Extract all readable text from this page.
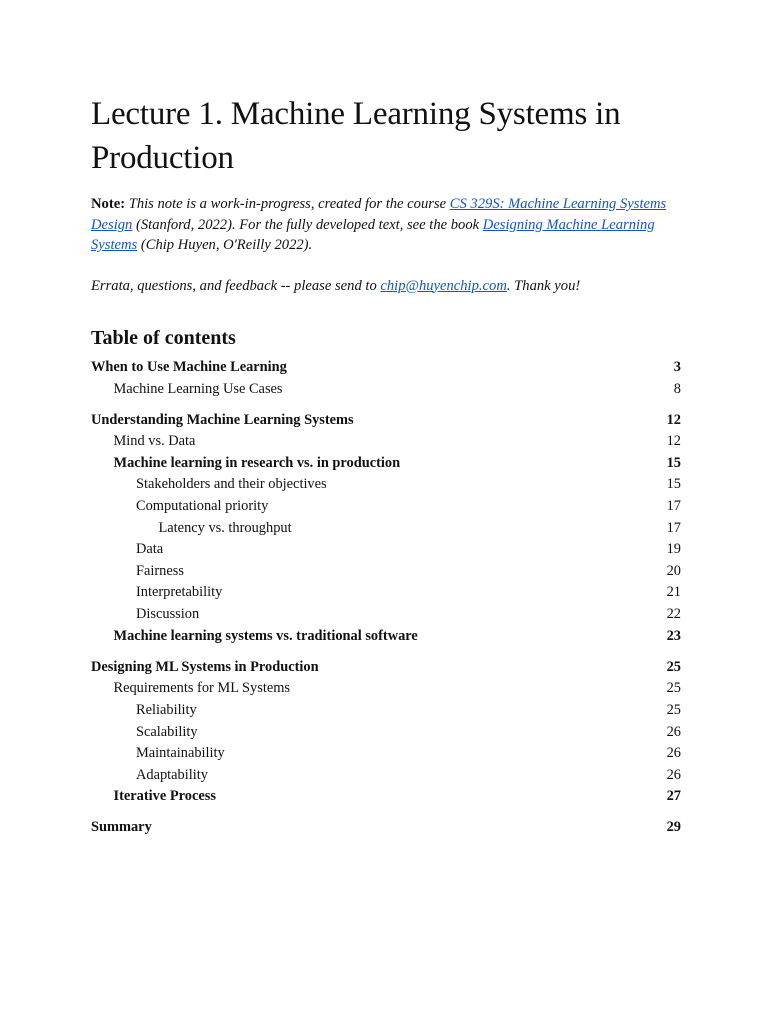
Lecture 1. Machine Learning Systems in Production
Note: This note is a work-in-progress, created for the course CS 329S: Machine Learning Systems Design (Stanford, 2022). For the fully developed text, see the book Designing Machine Learning Systems (Chip Huyen, O'Reilly 2022).
Errata, questions, and feedback -- please send to chip@huyenchip.com. Thank you!
Table of contents
When to Use Machine Learning	3
Machine Learning Use Cases	8
Understanding Machine Learning Systems	12
Mind vs. Data	12
Machine learning in research vs. in production	15
Stakeholders and their objectives	15
Computational priority	17
Latency vs. throughput	17
Data	19
Fairness	20
Interpretability	21
Discussion	22
Machine learning systems vs. traditional software	23
Designing ML Systems in Production	25
Requirements for ML Systems	25
Reliability	25
Scalability	26
Maintainability	26
Adaptability	26
Iterative Process	27
Summary	29
